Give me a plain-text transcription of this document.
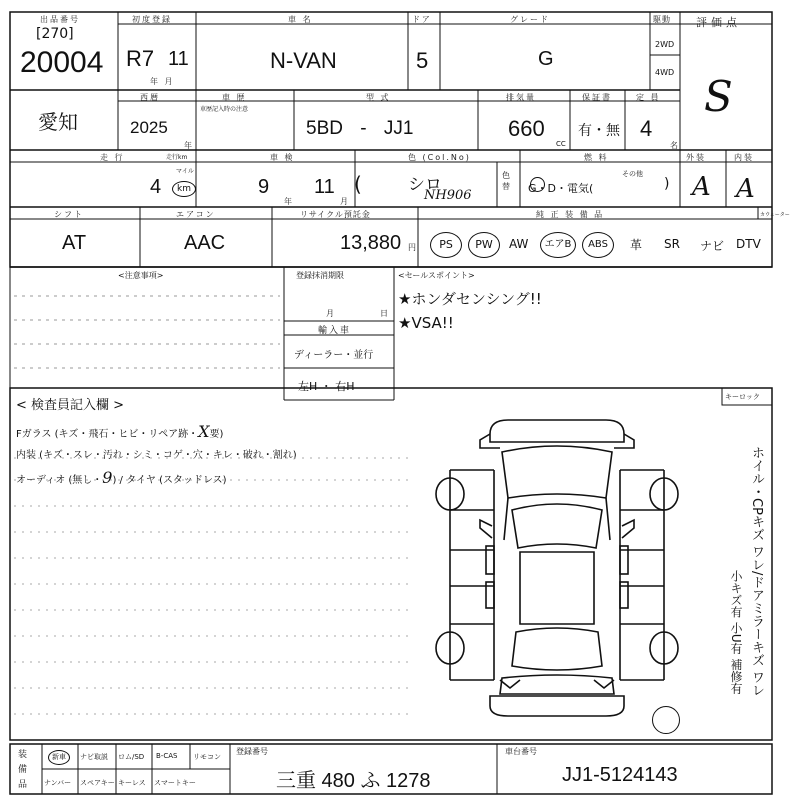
出品番号
[270]
20004
初度登録
R7 11
年 月
車 名
N-VAN
ドア
5
グレード
G
駆動
2WD
4WD
評価点
S
愛知
西暦
2025
年
車 歴
車歴記入時の注意
型 式
5BD - JJ1
排気量
660
CC
保証書
有・無
定 員
4
名
走 行	走行km
4
マイル
km
車 検
9
年
11
月
色 (Col.No)
(	シロ
NH906
色替
燃 料
G・D・電気(
その他
)
外装
A
内装
A
シフト
AT
エアコン
AAC
リサイクル預託金
13,880 円
純 正 装 備 品	カウェーター
PS	PW	AW	エアB	ABS	革 SR ナビ DTV
<注意事項>	登録抹消期限
月	日
輸入車
ディーラー・並行
左H ・ 右H
<セールスポイント>
★ホンダセンシング!!
★VSA!!
< 検査員記入欄 >
キーロック
Fガラス (キズ・飛石・ヒビ・リペア跡・X要)
内装 (キズ・スレ・汚れ・シミ・コゲ・穴・キレ・破れ・割れ)
オーディオ (無し・9) / タイヤ (スタッドレス)	ホイル・CPキズ ワレ/ドアミラーキズ ワレ
小キズ有 小U有 補修有
装
備
品
新車	ナビ取説 ロム/SD B-CAS リモコン
ナンバー スペアキー キーレス スマートキー
登録番号
三重 480 ふ 1278
車台番号
JJ1-5124143
